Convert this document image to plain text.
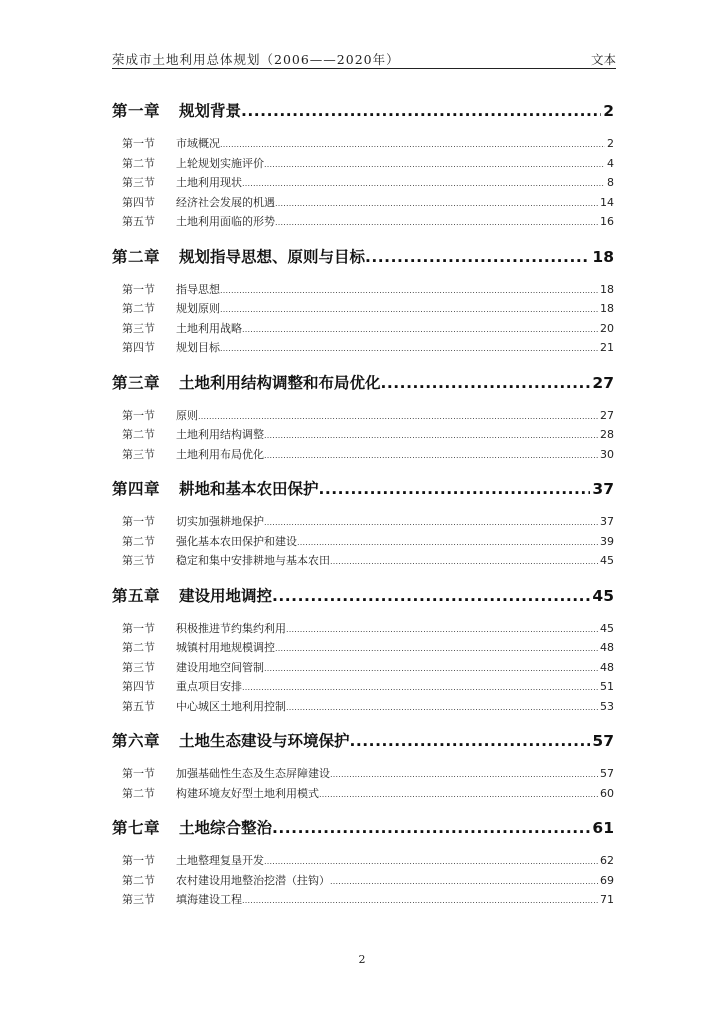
荣成市土地利用总体规划（2006——2020年）	文本
第一章	规划背景 .....	2
第一节	市域概况 .....	2
第二节	上轮规划实施评价 .....	4
第三节	土地利用现状 .....	8
第四节	经济社会发展的机遇 .....	14
第五节	土地利用面临的形势 .....	16
第二章	规划指导思想、原则与目标 .....	18
第一节	指导思想 .....	18
第二节	规划原则 .....	18
第三节	土地利用战略 .....	20
第四节	规划目标 .....	21
第三章	土地利用结构调整和布局优化 .....	27
第一节	原则 .....	27
第二节	土地利用结构调整 .....	28
第三节	土地利用布局优化 .....	30
第四章	耕地和基本农田保护 .....	37
第一节	切实加强耕地保护 .....	37
第二节	强化基本农田保护和建设 .....	39
第三节	稳定和集中安排耕地与基本农田 .....	45
第五章	建设用地调控 .....	45
第一节	积极推进节约集约利用 .....	45
第二节	城镇村用地规模调控 .....	48
第三节	建设用地空间管制 .....	48
第四节	重点项目安排 .....	51
第五节	中心城区土地利用控制 .....	53
第六章	土地生态建设与环境保护 .....	57
第一节	加强基础性生态及生态屏障建设 .....	57
第二节	构建环境友好型土地利用模式 .....	60
第七章	土地综合整治 .....	61
第一节	土地整理复垦开发 .....	62
第二节	农村建设用地整治挖潜（拄钩） .....	69
第三节	填海建设工程 .....	71
2
